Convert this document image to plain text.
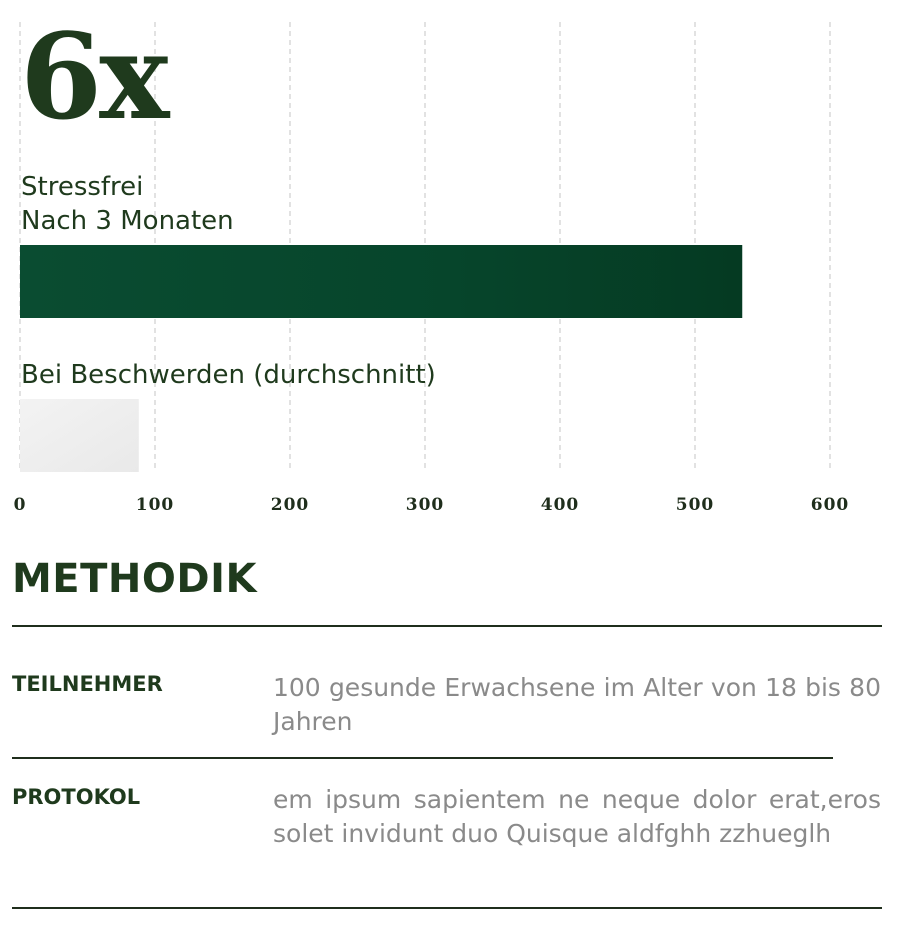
0	100	200	300	400	500	600
6x
Stressfrei
Nach 3 Monaten
Bei Beschwerden (durchschnitt)
METHODIK
TEILNEHMER	100 gesunde Erwachsene im Alter von 18 bis 80 Jahren
PROTOKOL	em ipsum sapientem ne neque dolor erat,eros solet invidunt duo Quisque aldfghh zzhueglh
